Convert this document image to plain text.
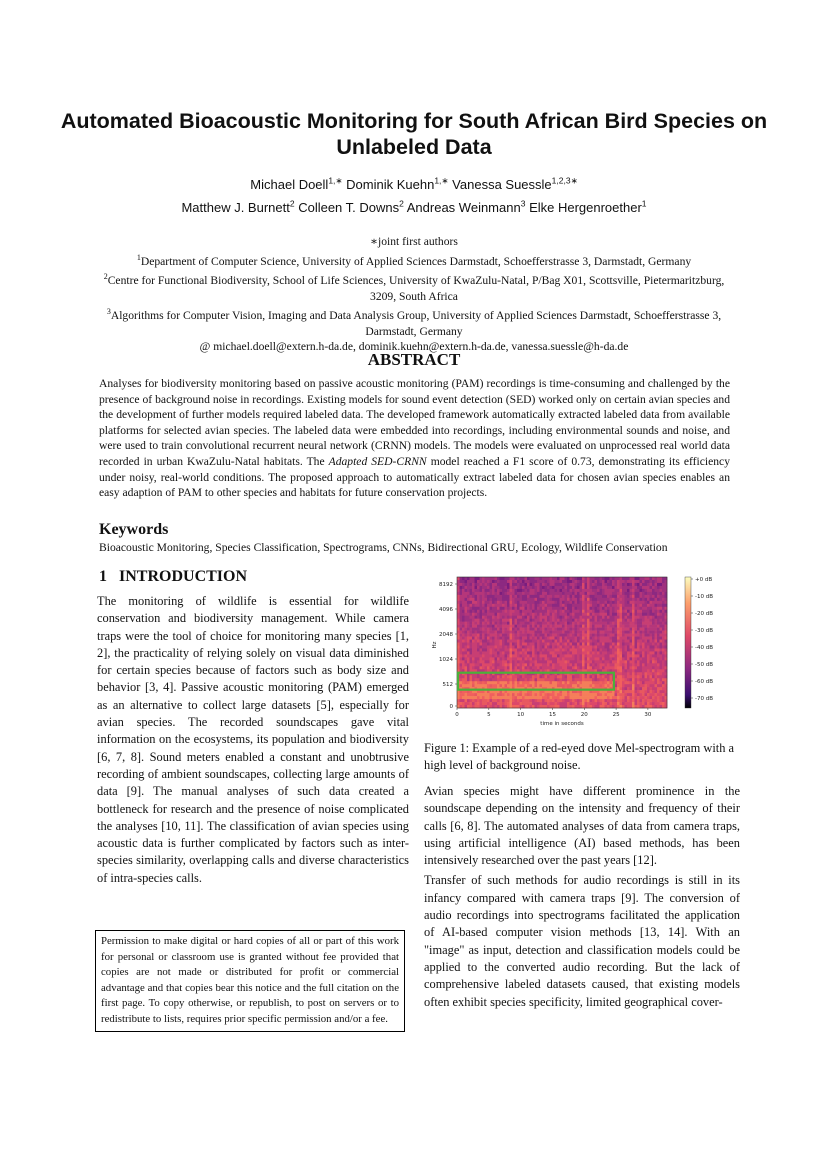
Automated Bioacoustic Monitoring for South African Bird Species on Unlabeled Data
Michael Doell$^{1,∗}$ Dominik Kuehn$^{1,∗}$ Vanessa Suessle$^{1,2,3∗}$
Matthew J. Burnett$^2$ Colleen T. Downs$^2$ Andreas Weinmann$^3$ Elke Hergenroether$^1$
∗joint first authors
$^1$Department of Computer Science, University of Applied Sciences Darmstadt, Schoefferstrasse 3, Darmstadt, Germany
$^2$Centre for Functional Biodiversity, School of Life Sciences, University of KwaZulu-Natal, P/Bag X01, Scottsville, Pietermaritzburg, 3209, South Africa
$^3$Algorithms for Computer Vision, Imaging and Data Analysis Group, University of Applied Sciences Darmstadt, Schoefferstrasse 3, Darmstadt, Germany
@ michael.doell@extern.h-da.de, dominik.kuehn@extern.h-da.de, vanessa.suessle@h-da.de
ABSTRACT
Analyses for biodiversity monitoring based on passive acoustic monitoring (PAM) recordings is time-consuming and challenged by the presence of background noise in recordings. Existing models for sound event detection (SED) worked only on certain avian species and the development of further models required labeled data. The developed framework automatically extracted labeled data from available platforms for selected avian species. The labeled data were embedded into recordings, including environmental sounds and noise, and were used to train convolutional recurrent neural network (CRNN) models. The models were evaluated on unprocessed real world data recorded in urban KwaZulu-Natal habitats. The Adapted SED-CRNN model reached a F1 score of 0.73, demonstrating its efficiency under noisy, real-world conditions. The proposed approach to automatically extract labeled data for chosen avian species enables an easy adaption of PAM to other species and habitats for future conservation projects.
Keywords
Bioacoustic Monitoring, Species Classification, Spectrograms, CNNs, Bidirectional GRU, Ecology, Wildlife Conservation
1   INTRODUCTION
The monitoring of wildlife is essential for wildlife conservation and biodiversity management. While camera traps were the tool of choice for monitoring many species [1, 2], the practicality of relying solely on visual data diminished for certain species because of factors such as body size and behavior [3, 4]. Passive acoustic monitoring (PAM) emerged as an alternative to collect large datasets [5], especially for avian species. The recorded soundscapes gave vital information on the ecosystems, its population and biodiversity [6, 7, 8]. Sound meters enabled a constant and unobtrusive recording of ambient soundscapes, collecting large amounts of data [9]. The manual analyses of such data created a bottleneck for research and the presence of noise complicated the analyses [10, 11]. The classification of avian species using acoustic data is further complicated by factors such as inter-species similarity, overlapping calls and diverse characteristics of intra-species calls.
Permission to make digital or hard copies of all or part of this work for personal or classroom use is granted without fee provided that copies are not made or distributed for profit or commercial advantage and that copies bear this notice and the full citation on the first page. To copy otherwise, or republish, to post on servers or to redistribute to lists, requires prior specific permission and/or a fee.
0	5	10	15	20	25	30
0
512
1024
2048
4096
8192
time in seconds
Hz
+0 dB
-10 dB
-20 dB
-30 dB
-40 dB
-50 dB
-60 dB
-70 dB
Figure 1: Example of a red-eyed dove Mel-spectrogram with a high level of background noise.

Avian species might have different prominence in the soundscape depending on the intensity and frequency of their calls [6, 8]. The automated analyses of data from camera traps, using artificial intelligence (AI) based methods, has been intensively researched over the past years [12].

Transfer of such methods for audio recordings is still in its infancy compared with camera traps [9]. The conversion of audio recordings into spectrograms facilitated the application of AI-based computer vision methods [13, 14]. With an "image" as input, detection and classification models could be applied to the converted audio recording. But the lack of comprehensive labeled datasets caused, that existing models often exhibit species specificity, limited geographical cover-
